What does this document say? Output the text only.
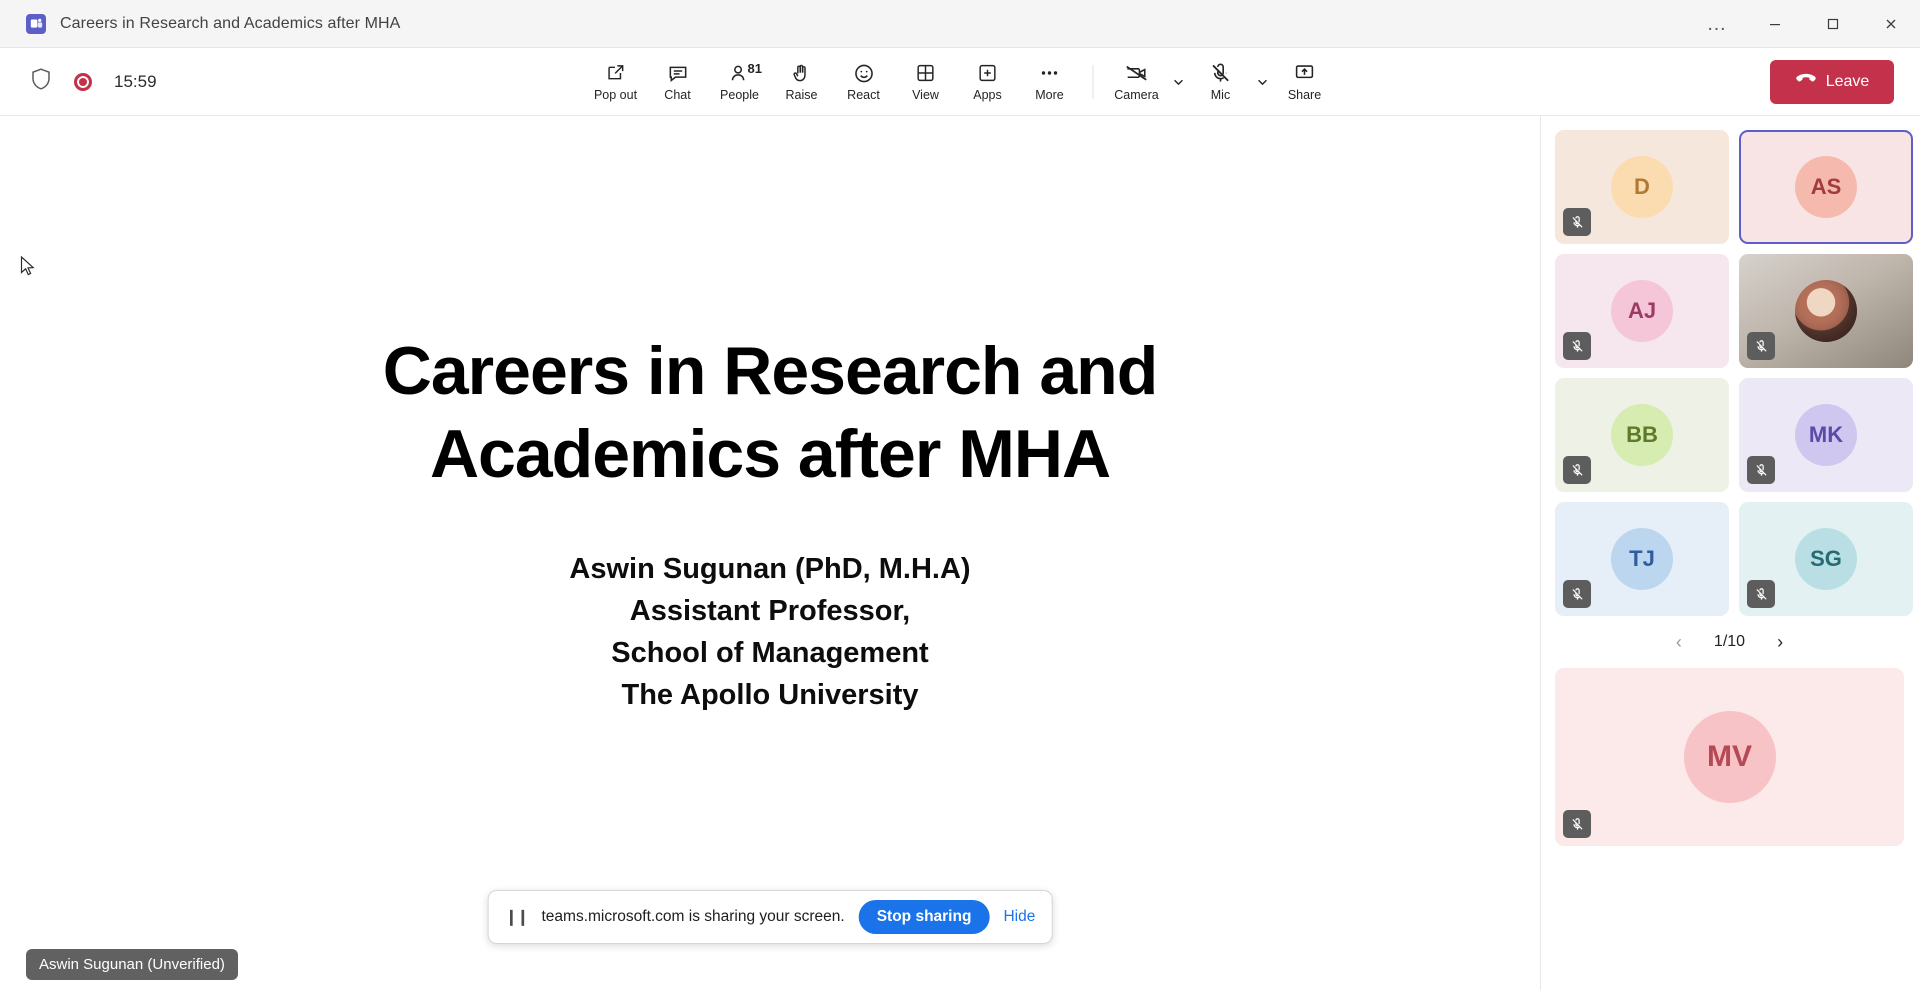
Careers in Research and Academics after MHA	…
15:59
Pop out Chat
81
People Raise React	View	Apps	More	Camera	Mic	Share
Leave
Careers in Research and Academics after MHA
Aswin Sugunan (PhD, M.H.A)
Assistant Professor,
School of Management
The Apollo University
❙❙ teams.microsoft.com is sharing your screen.	Stop sharing	Hide
Aswin Sugunan (Unverified)
D	AS
AJ
BB	MK
TJ	SG
‹	1/10	›
MV
